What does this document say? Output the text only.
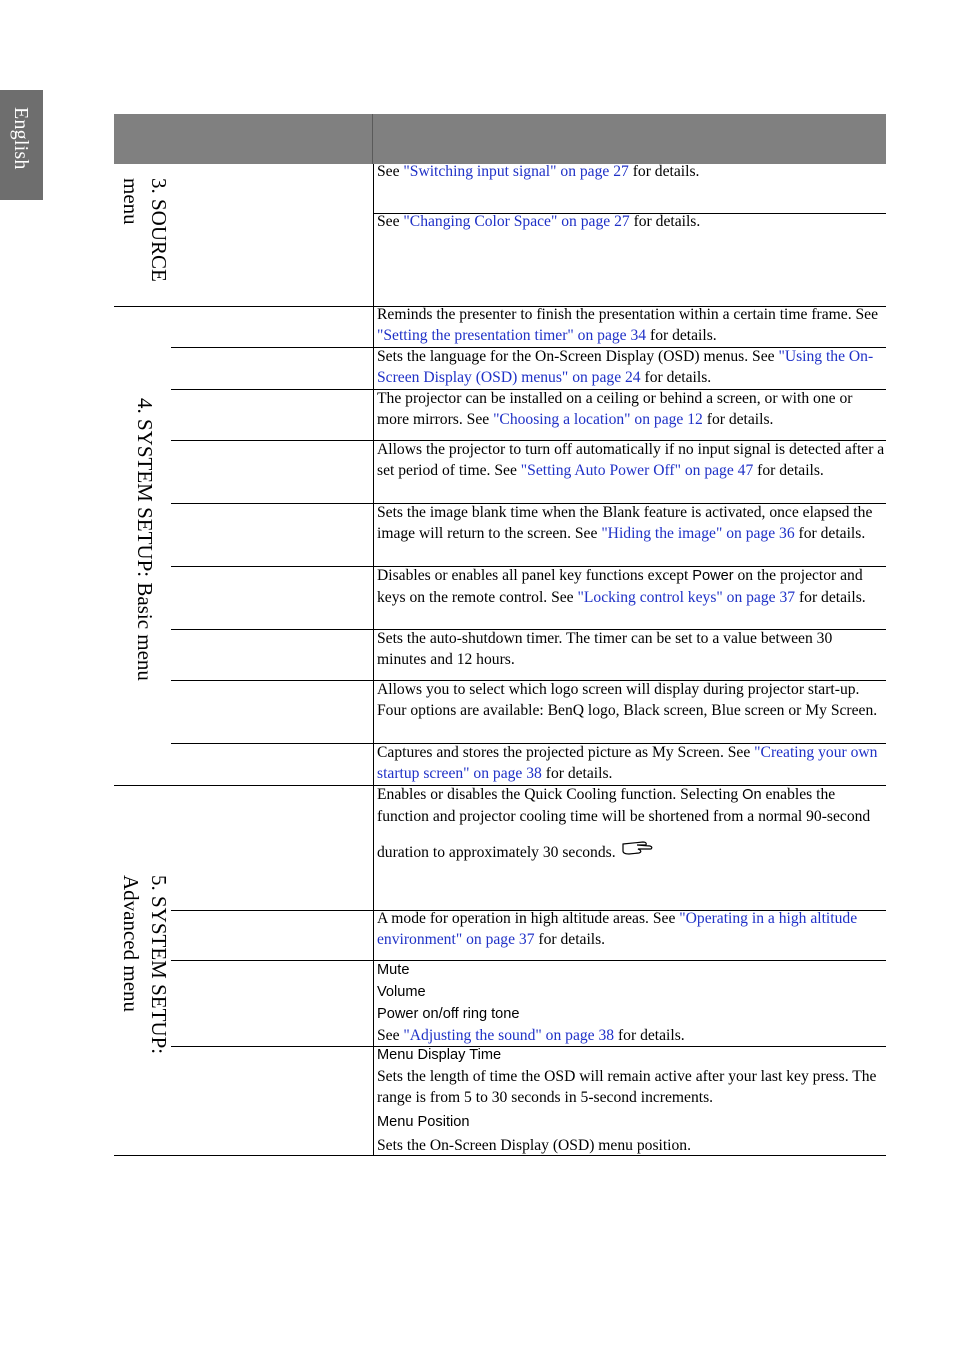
English
3. SOURCE
menu
4. SYSTEM SETUP: Basic menu
5. SYSTEM SETUP:
Advanced menu
See "Switching input signal" on page 27 for details.
See "Changing Color Space" on page 27 for details.
Reminds the presenter to finish the presentation within a certain time frame. See "Setting the presentation timer" on page 34 for details.
Sets the language for the On-Screen Display (OSD) menus. See "Using the On-Screen Display (OSD) menus" on page 24 for details.
The projector can be installed on a ceiling or behind a screen, or with one or more mirrors. See "Choosing a location" on page 12 for details.
Allows the projector to turn off automatically if no input signal is detected after a set period of time. See "Setting Auto Power Off" on page 47 for details.
Sets the image blank time when the Blank feature is activated, once elapsed the image will return to the screen. See "Hiding the image" on page 36 for details.
Disables or enables all panel key functions except Power on the projector and keys on the remote control. See "Locking control keys" on page 37 for details.
Sets the auto-shutdown timer. The timer can be set to a value between 30 minutes and 12 hours.
Allows you to select which logo screen will display during projector start-up. Four options are available: BenQ logo, Black screen, Blue screen or My Screen.
Captures and stores the projected picture as My Screen. See "Creating your own startup screen" on page 38 for details.
Enables or disables the Quick Cooling function. Selecting On enables the function and projector cooling time will be shortened from a normal 90-second duration to approximately 30 seconds.
A mode for operation in high altitude areas. See "Operating in a high altitude environment" on page 37 for details.
Mute
Volume
Power on/off ring tone
See "Adjusting the sound" on page 38 for details.
Menu Display Time
Sets the length of time the OSD will remain active after your last key press. The range is from 5 to 30 seconds in 5-second increments.
Menu Position
Sets the On-Screen Display (OSD) menu position.
